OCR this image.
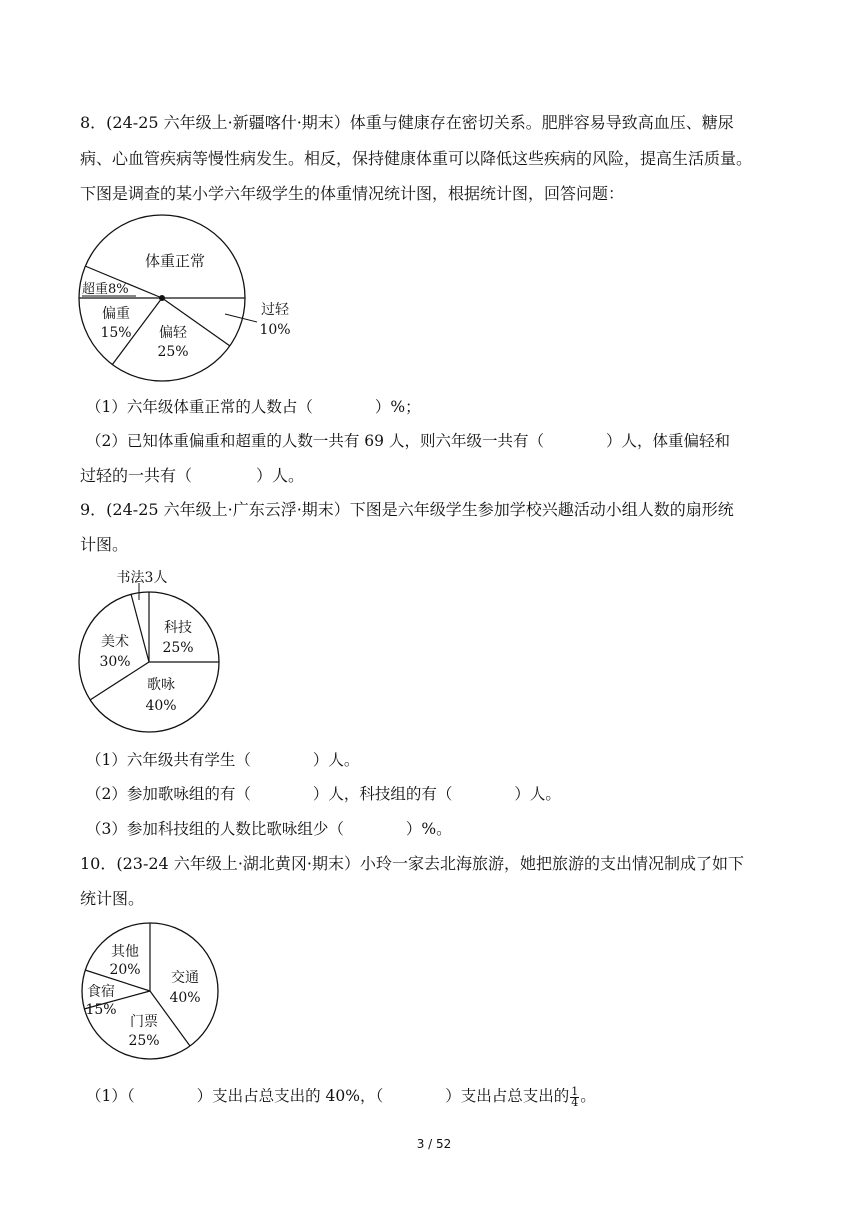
8．(24-25 六年级上·新疆喀什·期末）体重与健康存在密切关系。肥胖容易导致高血压、糖尿
病、心血管疾病等慢性病发生。相反，保持健康体重可以降低这些疾病的风险，提高生活质量。
下图是调查的某小学六年级学生的体重情况统计图，根据统计图，回答问题：
体重正常
超重8%
偏重
15% 偏轻
25%
过轻
10%
（1）六年级体重正常的人数占（　　　　）%；
（2）已知体重偏重和超重的人数一共有 69 人，则六年级一共有（　　　　）人，体重偏轻和
过轻的一共有（　　　　）人。
9．(24-25 六年级上·广东云浮·期末）下图是六年级学生参加学校兴趣活动小组人数的扇形统
计图。
书法3人
科技
25%
美术
30%
歌咏
40%
（1）六年级共有学生（　　　　）人。
（2）参加歌咏组的有（　　　　）人，科技组的有（　　　　）人。
（3）参加科技组的人数比歌咏组少（　　　　）%。
10．(23-24 六年级上·湖北黄冈·期末）小玲一家去北海旅游，她把旅游的支出情况制成了如下
统计图。
其他
20% 交通
40%
食宿
15%
门票
25%
（1）（　　　　）支出占总支出的 40%，（　　　　）支出占总支出的 $\frac{1}{4}$ 。
3 / 52
